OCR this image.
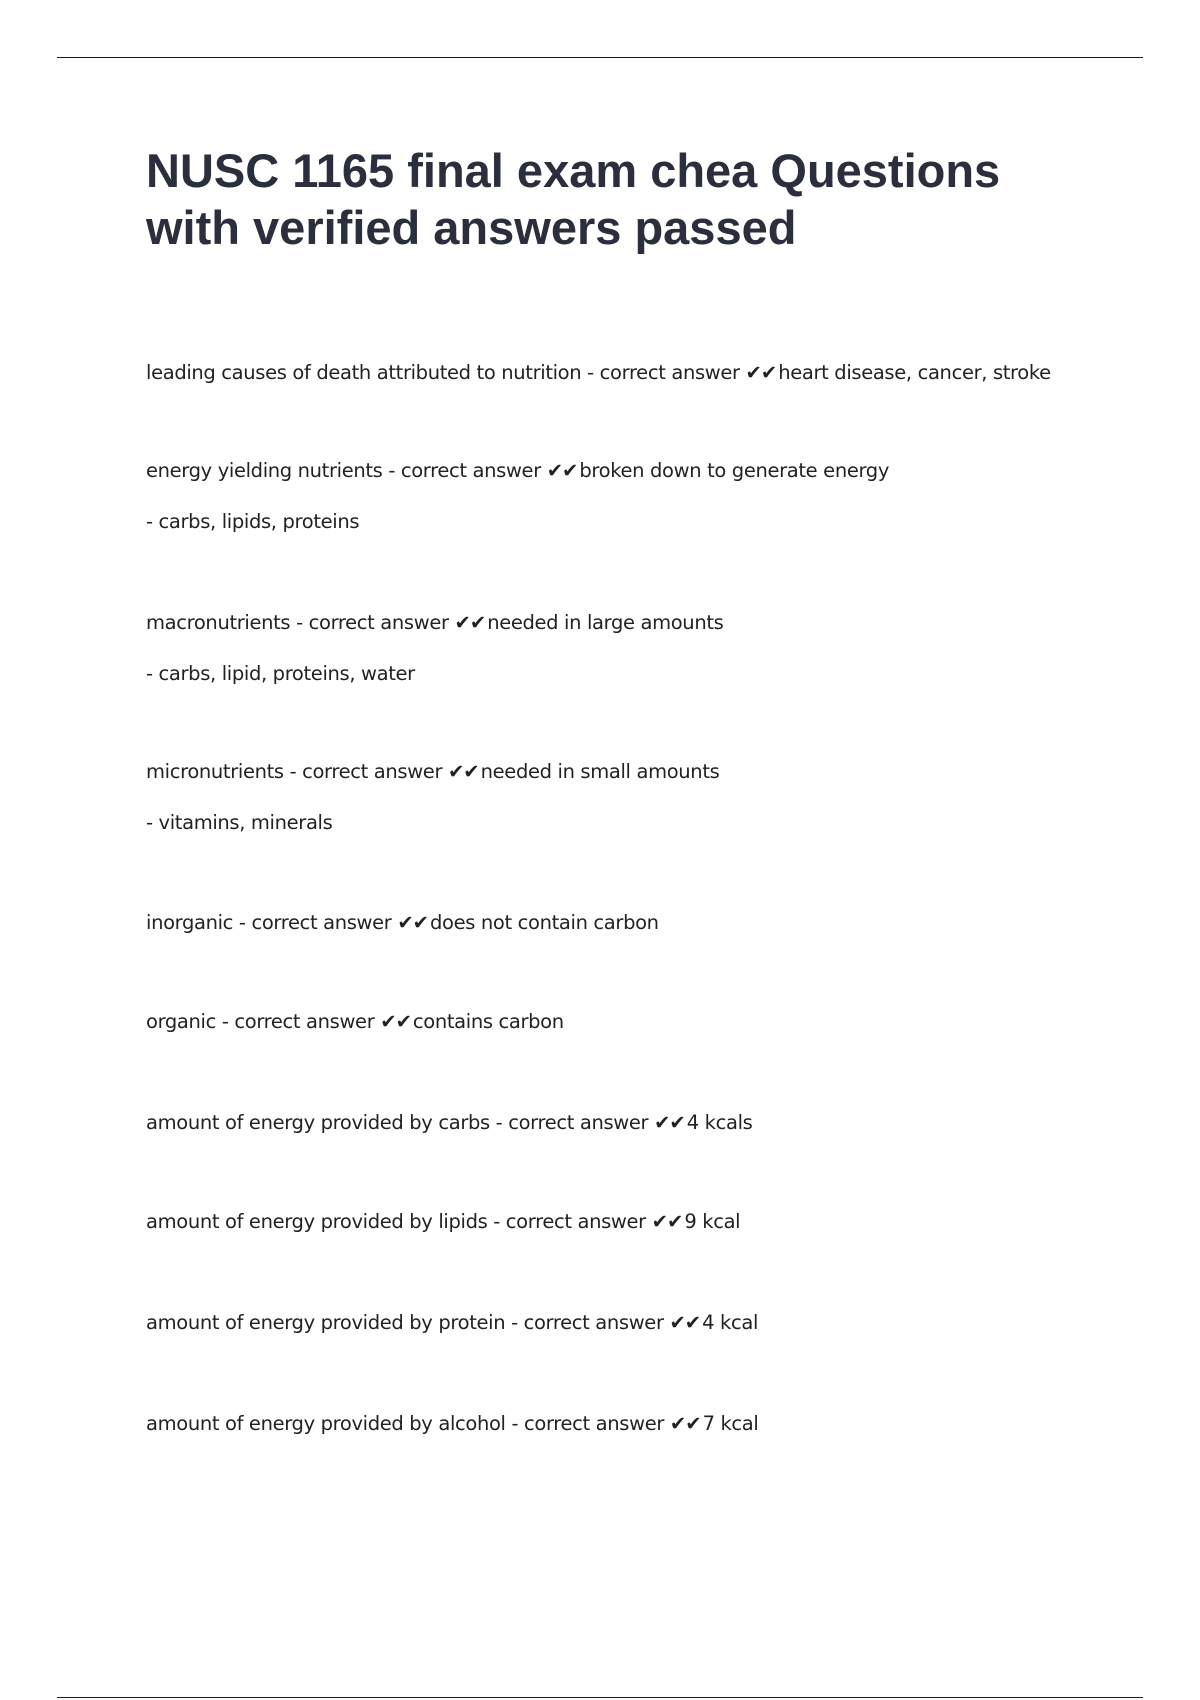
NUSC 1165 final exam chea Questions with verified answers passed
leading causes of death attributed to nutrition - correct answer ✔✔ heart disease, cancer, stroke
energy yielding nutrients - correct answer ✔✔ broken down to generate energy
- carbs, lipids, proteins
macronutrients - correct answer ✔✔ needed in large amounts
- carbs, lipid, proteins, water
micronutrients - correct answer ✔✔ needed in small amounts
- vitamins, minerals
inorganic - correct answer ✔✔ does not contain carbon
organic - correct answer ✔✔ contains carbon
amount of energy provided by carbs - correct answer ✔✔ 4 kcals
amount of energy provided by lipids - correct answer ✔✔ 9 kcal
amount of energy provided by protein - correct answer ✔✔ 4 kcal
amount of energy provided by alcohol - correct answer ✔✔ 7 kcal
